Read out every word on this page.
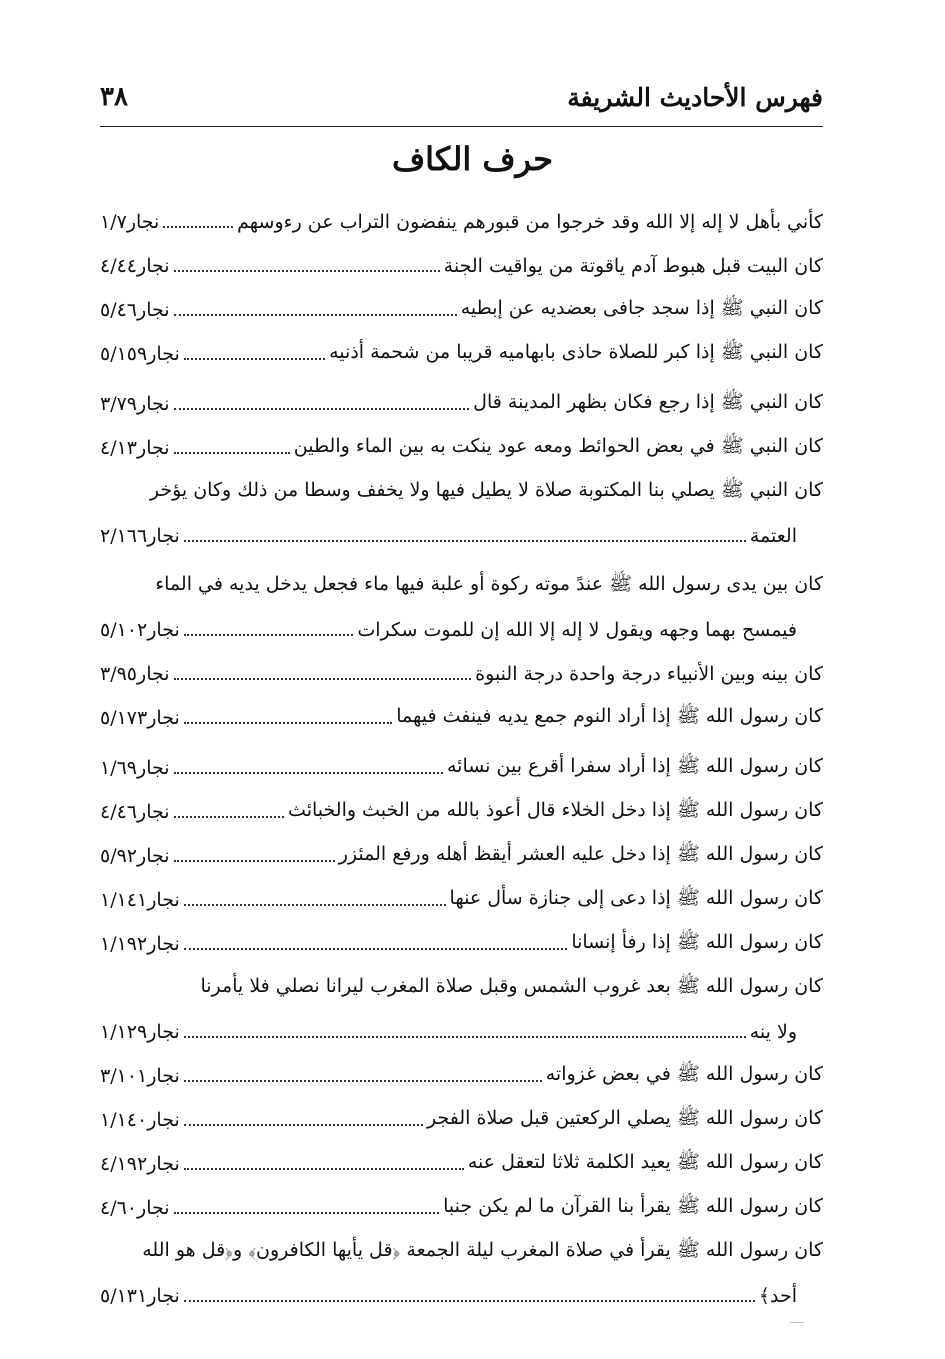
فهرس الأحاديث الشريفة
٣٨
حرف الكاف
كأني بأهل لا إله إلا الله وقد خرجوا من قبورهم ينفضون التراب عن رءوسهم
نجار١/٧
كان البيت قبل هبوط آدم ياقوتة من يواقيت الجنة
نجار٤/٤٤
كان النبي ﷺ إذا سجد جافى بعضديه عن إبطيه
نجار٥/٤٦
كان النبي ﷺ إذا كبر للصلاة حاذى بابهاميه قريبا من شحمة أذنيه
نجار٥/١٥٩
كان النبي ﷺ إذا رجع فكان بظهر المدينة قال
نجار٣/٧٩
كان النبي ﷺ في بعض الحوائط ومعه عود ينكت به بين الماء والطين
نجار٤/١٣
كان النبي ﷺ يصلي بنا المكتوبة صلاة لا يطيل فيها ولا يخفف وسطا من ذلك وكان يؤخر
العتمة
نجار٢/١٦٦
كان بين يدى رسول الله ﷺ عندً موته ركوة أو علبة فيها ماء فجعل يدخل يديه في الماء
فيمسح بهما وجهه ويقول لا إله إلا الله إن للموت سكرات
نجار٥/١٠٢
كان بينه وبين الأنبياء درجة واحدة درجة النبوة
نجار٣/٩٥
كان رسول الله ﷺ إذا أراد النوم جمع يديه فينفث فيهما
نجار٥/١٧٣
كان رسول الله ﷺ إذا أراد سفرا أقرع بين نسائه
نجار١/٦٩
كان رسول الله ﷺ إذا دخل الخلاء قال أعوذ بالله من الخبث والخبائث
نجار٤/٤٦
كان رسول الله ﷺ إذا دخل عليه العشر أيقظ أهله ورفع المئزر
نجار٥/٩٢
كان رسول الله ﷺ إذا دعى إلى جنازة سأل عنها
نجار١/١٤١
كان رسول الله ﷺ إذا رفأ إنسانا
نجار١/١٩٢
كان رسول الله ﷺ بعد غروب الشمس وقبل صلاة المغرب ليرانا نصلي فلا يأمرنا
ولا ينه
نجار١/١٢٩
كان رسول الله ﷺ في بعض غزواته
نجار٣/١٠١
كان رسول الله ﷺ يصلي الركعتين قبل صلاة الفجر
نجار١/١٤٠
كان رسول الله ﷺ يعيد الكلمة ثلاثا لتعقل عنه
نجار٤/١٩٢
كان رسول الله ﷺ يقرأ بنا القرآن ما لم يكن جنبا
نجار٤/٦٠
كان رسول الله ﷺ يقرأ في صلاة المغرب ليلة الجمعة ﴿قل يأيها الكافرون﴾ و﴿قل هو الله
أحد﴾
نجار٥/١٣١
